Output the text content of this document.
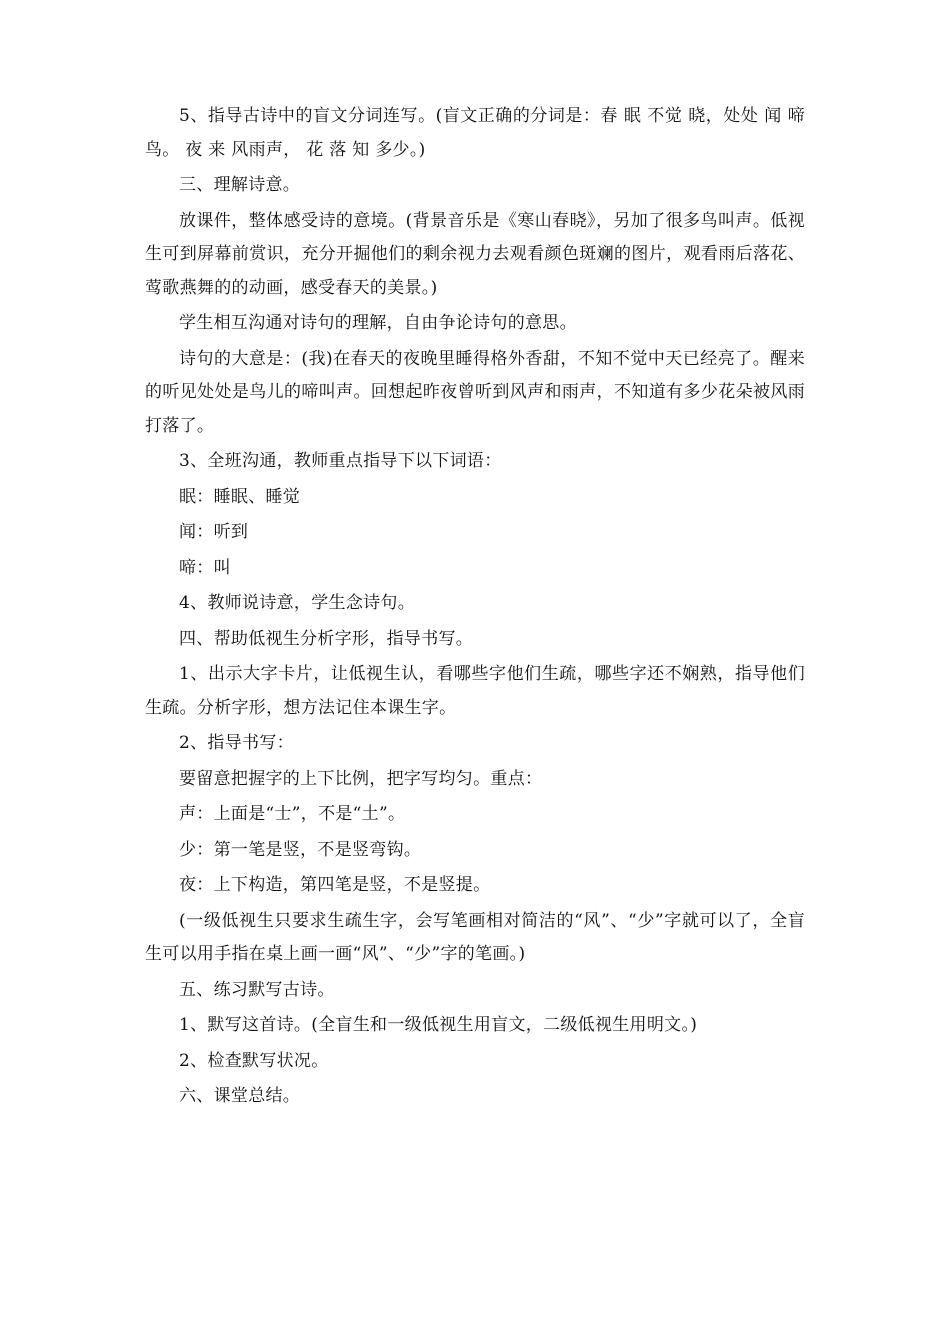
5、指导古诗中的盲文分词连写。(盲文正确的分词是：春 眠 不觉 晓，处处 闻 啼 鸟。 夜 来 风雨声， 花 落 知 多少。)

三、理解诗意。

放课件，整体感受诗的意境。(背景音乐是《寒山春晓》，另加了很多鸟叫声。低视生可到屏幕前赏识，充分开掘他们的剩余视力去观看颜色斑斓的图片，观看雨后落花、莺歌燕舞的的动画，感受春天的美景。)

学生相互沟通对诗句的理解，自由争论诗句的意思。

诗句的大意是：(我)在春天的夜晚里睡得格外香甜，不知不觉中天已经亮了。醒来的听见处处是鸟儿的啼叫声。回想起昨夜曾听到风声和雨声，不知道有多少花朵被风雨打落了。

3、全班沟通，教师重点指导下以下词语：

眠：睡眠、睡觉

闻：听到

啼：叫

4、教师说诗意，学生念诗句。

四、帮助低视生分析字形，指导书写。

1、出示大字卡片，让低视生认，看哪些字他们生疏，哪些字还不娴熟，指导他们生疏。分析字形，想方法记住本课生字。

2、指导书写：

要留意把握字的上下比例，把字写均匀。重点：

声：上面是“士”，不是“土”。

少：第一笔是竖，不是竖弯钩。

夜：上下构造，第四笔是竖，不是竖提。

(一级低视生只要求生疏生字，会写笔画相对简洁的“风”、“少”字就可以了，全盲生可以用手指在桌上画一画“风”、“少”字的笔画。)

五、练习默写古诗。

1、默写这首诗。(全盲生和一级低视生用盲文，二级低视生用明文。)

2、检查默写状况。

六、课堂总结。
